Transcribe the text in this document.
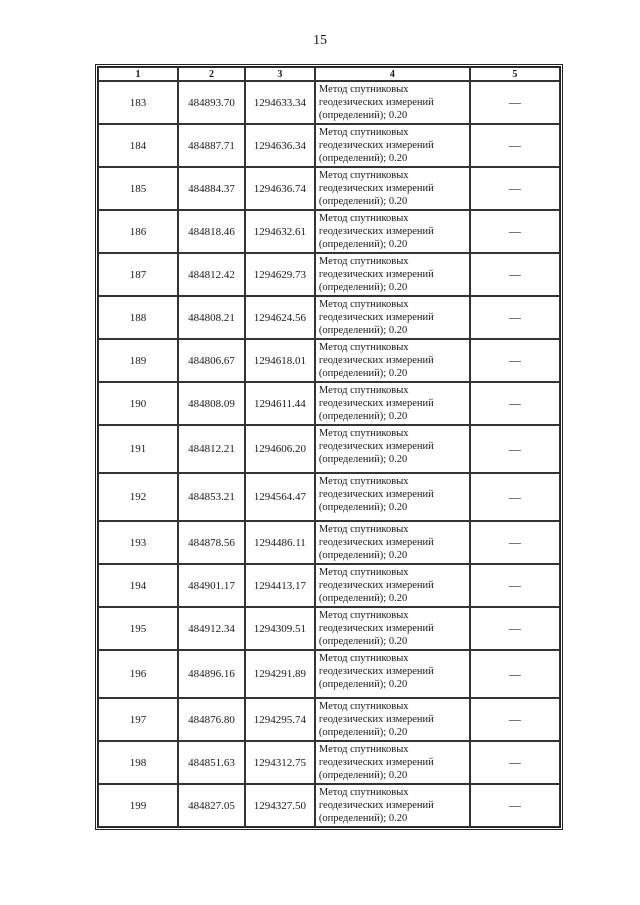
15
1	2	3	4	5
183	484893.70	1294633.34	Метод спутниковых
геодезических измерений
(определений); 0.20	—
184	484887.71	1294636.34	Метод спутниковых
геодезических измерений
(определений); 0.20	—
185	484884.37	1294636.74	Метод спутниковых
геодезических измерений
(определений); 0.20	—
186	484818.46	1294632.61	Метод спутниковых
геодезических измерений
(определений); 0.20	—
187	484812.42	1294629.73	Метод спутниковых
геодезических измерений
(определений); 0.20	—
188	484808.21	1294624.56	Метод спутниковых
геодезических измерений
(определений); 0.20	—
189	484806.67	1294618.01	Метод спутниковых
геодезических измерений
(определений); 0.20	—
190	484808.09	1294611.44	Метод спутниковых
геодезических измерений
(определений); 0.20	—
191	484812.21	1294606.20	Метод спутниковых
геодезических измерений
(определений); 0.20	—
192	484853.21	1294564.47	Метод спутниковых
геодезических измерений
(определений); 0.20	—
193	484878.56	1294486.11	Метод спутниковых
геодезических измерений
(определений); 0.20	—
194	484901.17	1294413.17	Метод спутниковых
геодезических измерений
(определений); 0.20	—
195	484912.34	1294309.51	Метод спутниковых
геодезических измерений
(определений); 0.20	—
196	484896.16	1294291.89	Метод спутниковых
геодезических измерений
(определений); 0.20	—
197	484876.80	1294295.74	Метод спутниковых
геодезических измерений
(определений); 0.20	—
198	484851.63	1294312.75	Метод спутниковых
геодезических измерений
(определений); 0.20	—
199	484827.05	1294327.50	Метод спутниковых
геодезических измерений
(определений); 0.20	—
